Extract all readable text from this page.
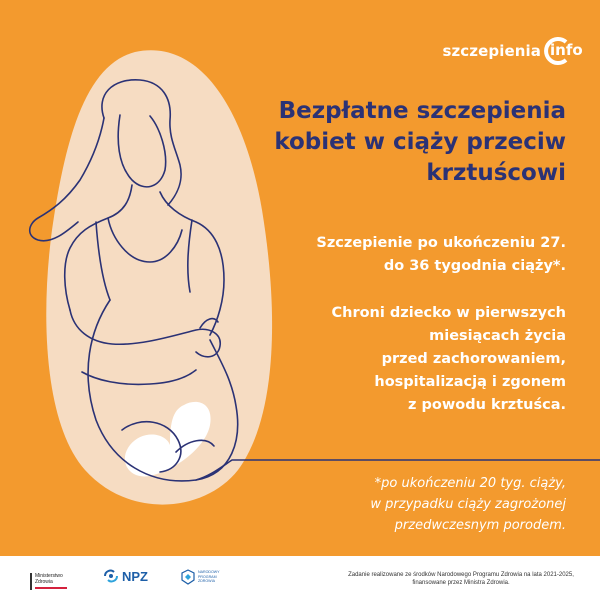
szczepienia info
Bezpłatne szczepienia
kobiet w ciąży przeciw
krztuścowi
Szczepienie po ukończeniu 27.
do 36 tygodnia ciąży*.
Chroni dziecko w pierwszych
miesiącach życia
przed zachorowaniem,
hospitalizacją i zgonem
z powodu krztuśca.
*po ukończeniu 20 tyg. ciąży,
w przypadku ciąży zagrożonej
przedwczesnym porodem.
Ministerstwo
Zdrowia	NPZ	NARODOWY
PROGRAM
ZDROWIA
Zadanie realizowane ze środków Narodowego Programu Zdrowia na lata 2021-2025,
finansowane przez Ministra Zdrowia.
